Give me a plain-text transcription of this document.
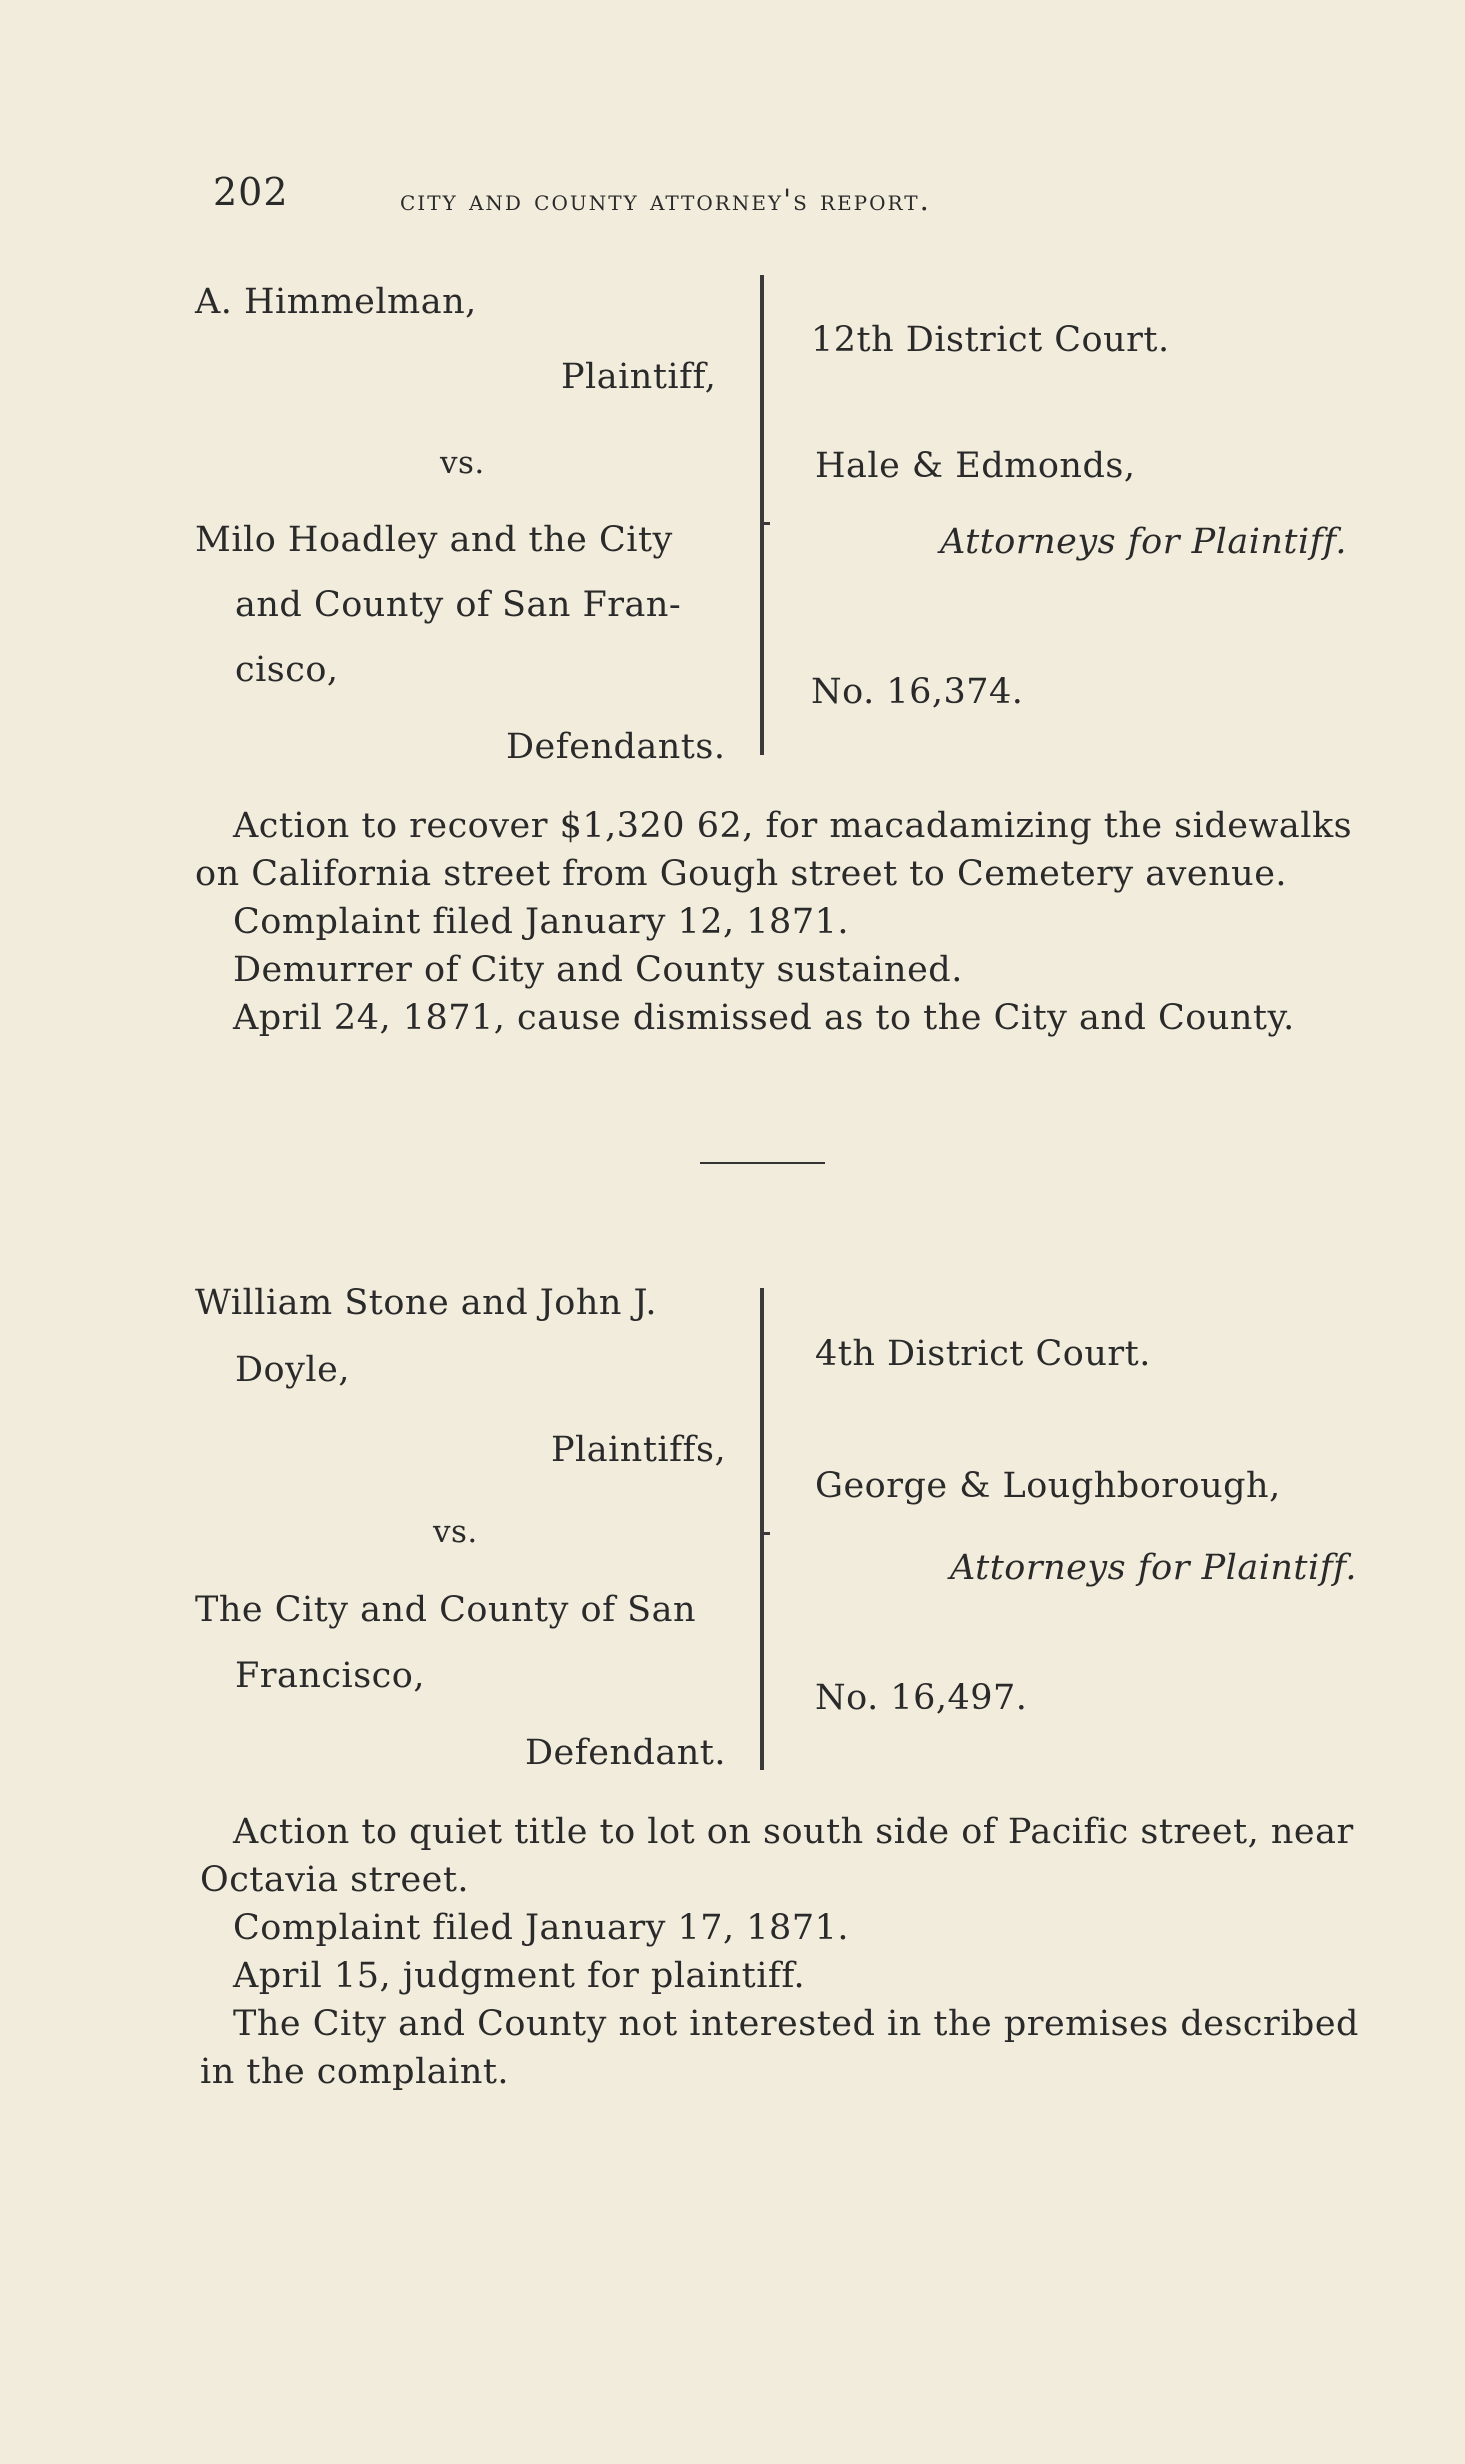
202	city and county attorney's report.
A. Himmelman,
Plaintiff,
vs.
Milo Hoadley and the City
and County of San Fran-
cisco,
Defendants.
12th District Court.
Hale & Edmonds,
Attorneys for Plaintiff.
No. 16,374.
Action to recover $1,320 62, for macadamizing the sidewalks
on California street from Gough street to Cemetery avenue.
Complaint filed January 12, 1871.
Demurrer of City and County sustained.
April 24, 1871, cause dismissed as to the City and County.
William Stone and John J.
Doyle,
Plaintiffs,
vs.
The City and County of San
Francisco,
Defendant.
4th District Court.
George & Loughborough,
Attorneys for Plaintiff.
No. 16,497.
Action to quiet title to lot on south side of Pacific street, near
Octavia street.
Complaint filed January 17, 1871.
April 15, judgment for plaintiff.
The City and County not interested in the premises described
in the complaint.
